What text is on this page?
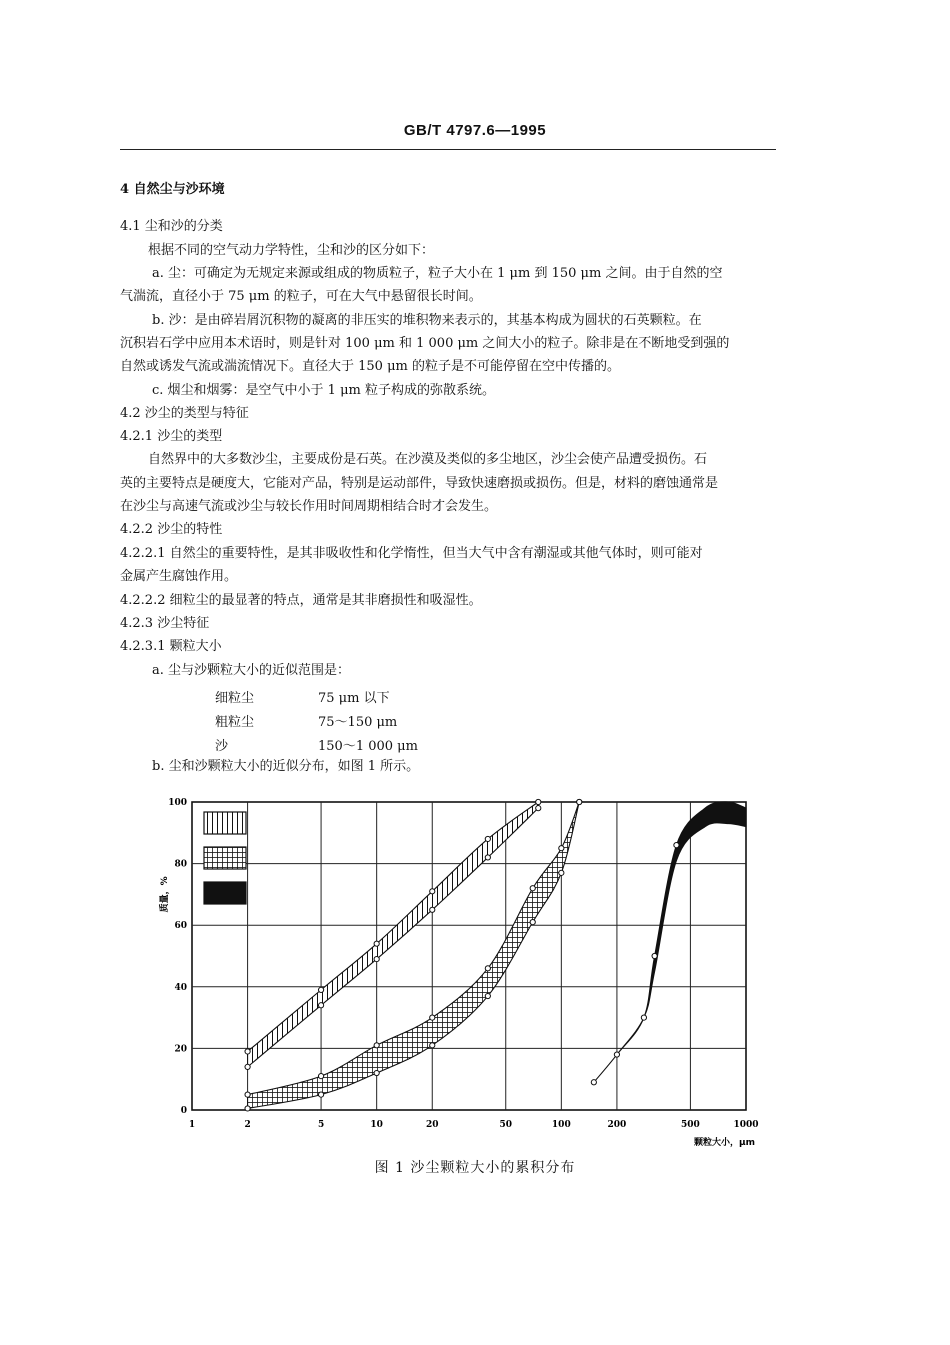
GB/T 4797.6—1995
4 自然尘与沙环境
4.1 尘和沙的分类
根据不同的空气动力学特性，尘和沙的区分如下：
a. 尘：可确定为无规定来源或组成的物质粒子，粒子大小在 1 μm 到 150 μm 之间。由于自然的空
气湍流，直径小于 75 μm 的粒子，可在大气中悬留很长时间。
b. 沙：是由碎岩屑沉积物的凝离的非压实的堆积物来表示的，其基本构成为圆状的石英颗粒。在
沉积岩石学中应用本术语时，则是针对 100 μm 和 1 000 μm 之间大小的粒子。除非是在不断地受到强的
自然或诱发气流或湍流情况下。直径大于 150 μm 的粒子是不可能停留在空中传播的。
c. 烟尘和烟雾：是空气中小于 1 μm 粒子构成的弥散系统。
4.2 沙尘的类型与特征
4.2.1 沙尘的类型
自然界中的大多数沙尘，主要成份是石英。在沙漠及类似的多尘地区，沙尘会使产品遭受损伤。石
英的主要特点是硬度大，它能对产品，特别是运动部件，导致快速磨损或损伤。但是，材料的磨蚀通常是
在沙尘与高速气流或沙尘与较长作用时间周期相结合时才会发生。
4.2.2 沙尘的特性
4.2.2.1 自然尘的重要特性，是其非吸收性和化学惰性，但当大气中含有潮湿或其他气体时，则可能对
金属产生腐蚀作用。
4.2.2.2 细粒尘的最显著的特点，通常是其非磨损性和吸湿性。
4.2.3 沙尘特征
4.2.3.1 颗粒大小
a. 尘与沙颗粒大小的近似范围是：
细粒尘	75 μm 以下
粗粒尘	75～150 μm
沙	150～1 000 μm
b. 尘和沙颗粒大小的近似分布，如图 1 所示。
1	2	5	10	20	50	100	200	500	1000
0
20
40
60
80
100
颗粒大小，μm
质量，%
图 1 沙尘颗粒大小的累积分布
